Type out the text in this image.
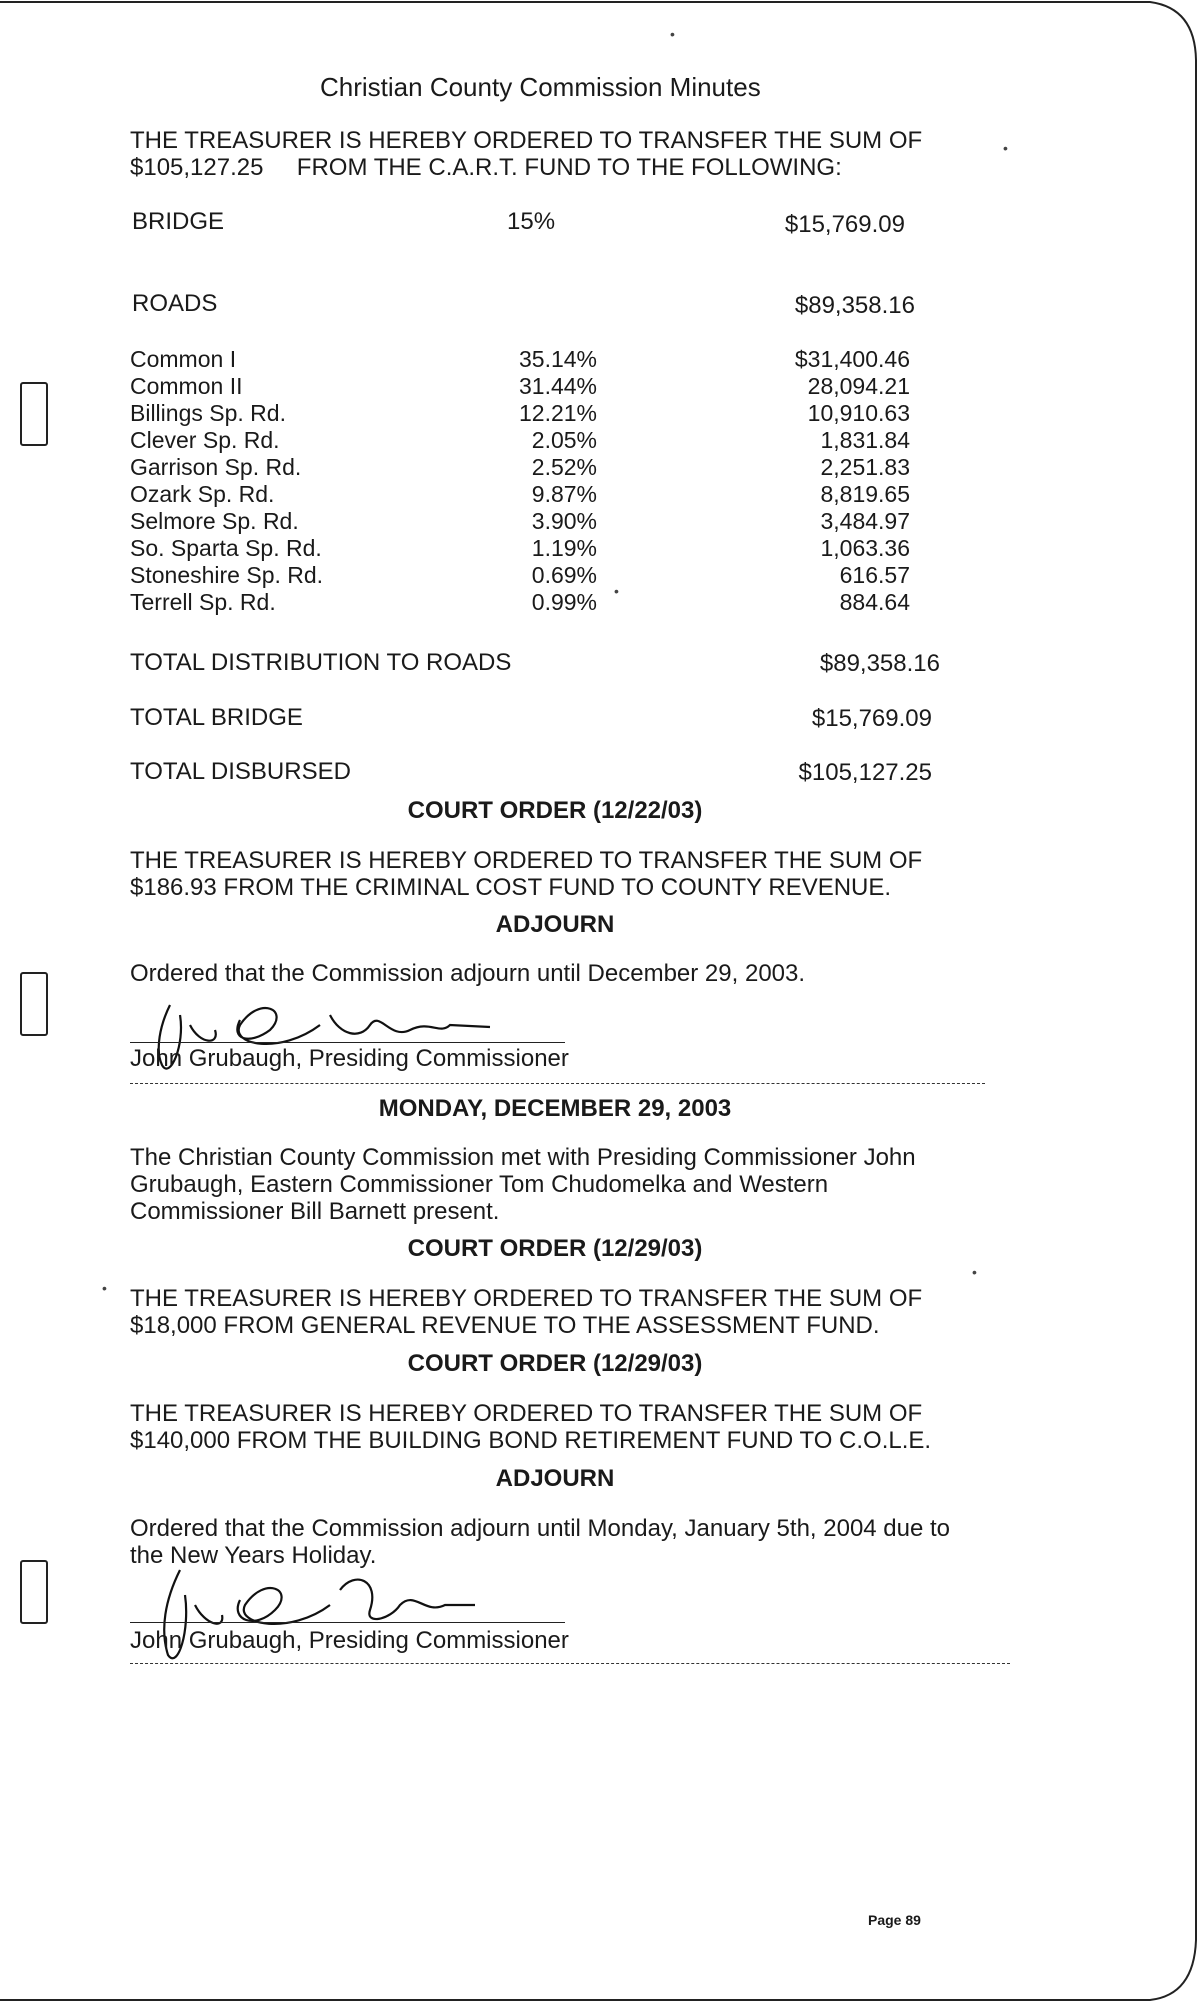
Christian County Commission Minutes
THE TREASURER IS HEREBY ORDERED TO TRANSFER THE SUM OF
$105,127.25     FROM THE C.A.R.T. FUND TO THE FOLLOWING:
BRIDGE	15%	$15,769.09
ROADS	$89,358.16
Common I	35.14%	$31,400.46
Common II	31.44%	28,094.21
Billings Sp. Rd.	12.21%	10,910.63
Clever Sp. Rd.	2.05%	1,831.84
Garrison Sp. Rd.	2.52%	2,251.83
Ozark Sp. Rd.	9.87%	8,819.65
Selmore Sp. Rd.	3.90%	3,484.97
So. Sparta Sp. Rd.	1.19%	1,063.36
Stoneshire Sp. Rd.	0.69%	616.57
Terrell Sp. Rd.	0.99%	884.64
TOTAL DISTRIBUTION TO ROADS	$89,358.16
TOTAL BRIDGE	$15,769.09
TOTAL DISBURSED	$105,127.25
COURT ORDER (12/22/03)
THE TREASURER IS HEREBY ORDERED TO TRANSFER THE SUM OF
$186.93 FROM THE CRIMINAL COST FUND TO COUNTY REVENUE.
ADJOURN
Ordered that the Commission adjourn until December 29, 2003.
John Grubaugh, Presiding Commissioner
MONDAY, DECEMBER 29, 2003
The Christian County Commission met with Presiding Commissioner John
Grubaugh, Eastern Commissioner Tom Chudomelka and Western
Commissioner Bill Barnett present.
COURT ORDER (12/29/03)
THE TREASURER IS HEREBY ORDERED TO TRANSFER THE SUM OF
$18,000 FROM GENERAL REVENUE TO THE ASSESSMENT FUND.
COURT ORDER (12/29/03)
THE TREASURER IS HEREBY ORDERED TO TRANSFER THE SUM OF
$140,000 FROM THE BUILDING BOND RETIREMENT FUND TO C.O.L.E.
ADJOURN
Ordered that the Commission adjourn until Monday, January 5th, 2004 due to
the New Years Holiday.
John Grubaugh, Presiding Commissioner
Page 89
•
•
•
•
•
